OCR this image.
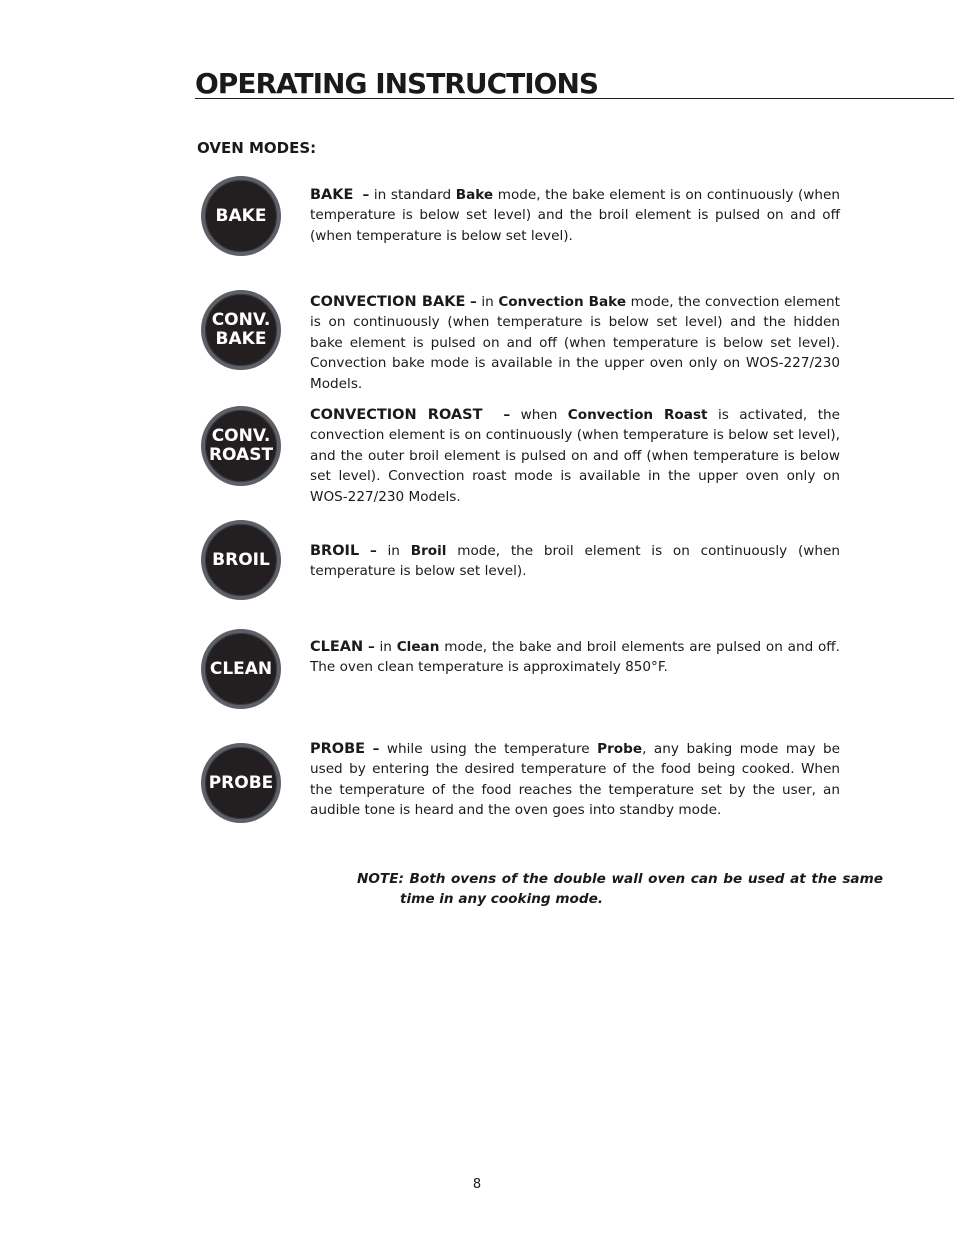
OPERATING INSTRUCTIONS
OVEN MODES:
BAKE

BAKE – in standard Bake mode, the bake element is on continuously (when temperature is below set level) and the broil element is pulsed on and off (when temperature is below set level).

CONV.
BAKE

CONVECTION BAKE – in Convection Bake mode, the convection element is on continuously (when temperature is below set level) and the hidden bake element is pulsed on and off (when temperature is below set level). Convection bake mode is available in the upper oven only on WOS-227/230 Models.

CONV.
ROAST

CONVECTION ROAST – when Convection Roast is activated, the convection element is on continuously (when temperature is below set level), and the outer broil element is pulsed on and off (when temperature is below set level). Convection roast mode is available in the upper oven only on WOS-227/230 Models.

BROIL	BROIL – in Broil mode, the broil element is on continuously (when temperature is below set level).

CLEAN

CLEAN – in Clean mode, the bake and broil elements are pulsed on and off. The oven clean temperature is approximately 850°F.

PROBE

PROBE – while using the temperature Probe, any baking mode may be used by entering the desired temperature of the food being cooked. When the temperature of the food reaches the temperature set by the user, an audible tone is heard and the oven goes into standby mode.

NOTE: Both ovens of the double wall oven can be used at the same time in any cooking mode.

8
